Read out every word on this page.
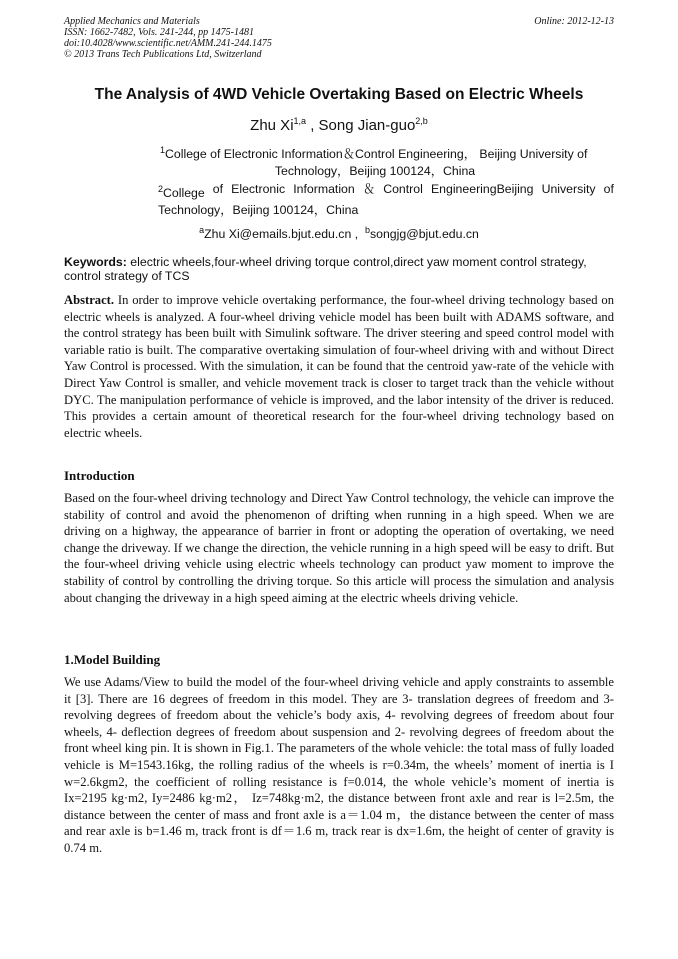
Applied Mechanics and Materials
ISSN: 1662-7482, Vols. 241-244, pp 1475-1481
doi:10.4028/www.scientific.net/AMM.241-244.1475
© 2013 Trans Tech Publications Ltd, Switzerland
Online: 2012-12-13
The Analysis of 4WD Vehicle Overtaking Based on Electric Wheels
Zhu Xi$^{1,a}$ , Song Jian-guo$^{2,b}$
$^1$College of Electronic Information＆Control Engineering， Beijing University of
Technology，Beijing 100124，China
$^2$College of Electronic Information ＆ Control EngineeringBeijing University of
Technology，Beijing 100124，China
$^a$Zhu Xi@emails.bjut.edu.cn , $^b$songjg@bjut.edu.cn
Keywords: electric wheels,four-wheel driving torque control,direct yaw moment control strategy, control strategy of TCS
Abstract. In order to improve vehicle overtaking performance, the four-wheel driving technology based on electric wheels is analyzed. A four-wheel driving vehicle model has been built with ADAMS software, and the control strategy has been built with Simulink software. The driver steering and speed control model with variable ratio is built. The comparative overtaking simulation of four-wheel driving with and without Direct Yaw Control is processed. With the simulation, it can be found that the centroid yaw-rate of the vehicle with Direct Yaw Control is smaller, and vehicle movement track is closer to target track than the vehicle without DYC. The manipulation performance of vehicle is improved, and the labor intensity of the driver is reduced. This provides a certain amount of theoretical research for the four-wheel driving technology based on electric wheels.
Introduction
Based on the four-wheel driving technology and Direct Yaw Control technology, the vehicle can improve the stability of control and avoid the phenomenon of drifting when running in a high speed. When we are driving on a highway, the appearance of barrier in front or adopting the operation of overtaking, we need change the driveway. If we change the direction, the vehicle running in a high speed will be easy to drift. But the four-wheel driving vehicle using electric wheels technology can product yaw moment to improve the stability of control by controlling the driving torque. So this article will process the simulation and analysis about changing the driveway in a high speed aiming at the electric wheels driving vehicle.
1.Model Building
We use Adams/View to build the model of the four-wheel driving vehicle and apply constraints to assemble it [3]. There are 16 degrees of freedom in this model. They are 3- translation degrees of freedom and 3- revolving degrees of freedom about the vehicle’s body axis, 4- revolving degrees of freedom about four wheels, 4- deflection degrees of freedom about suspension and 2- revolving degrees of freedom about the front wheel king pin. It is shown in Fig.1. The parameters of the whole vehicle: the total mass of fully loaded vehicle is M=1543.16kg, the rolling radius of the wheels is r=0.34m, the wheels’ moment of inertia is I w=2.6kgm2, the coefficient of rolling resistance is f=0.014, the whole vehicle’s moment of inertia is Ix=2195 kg·m2, Iy=2486 kg·m2， Iz=748kg·m2, the distance between front axle and rear is l=2.5m, the distance between the center of mass and front axle is a＝1.04 m，the distance between the center of mass and rear axle is b=1.46 m, track front is df＝1.6 m, track rear is dx=1.6m, the height of center of gravity is 0.74 m.
